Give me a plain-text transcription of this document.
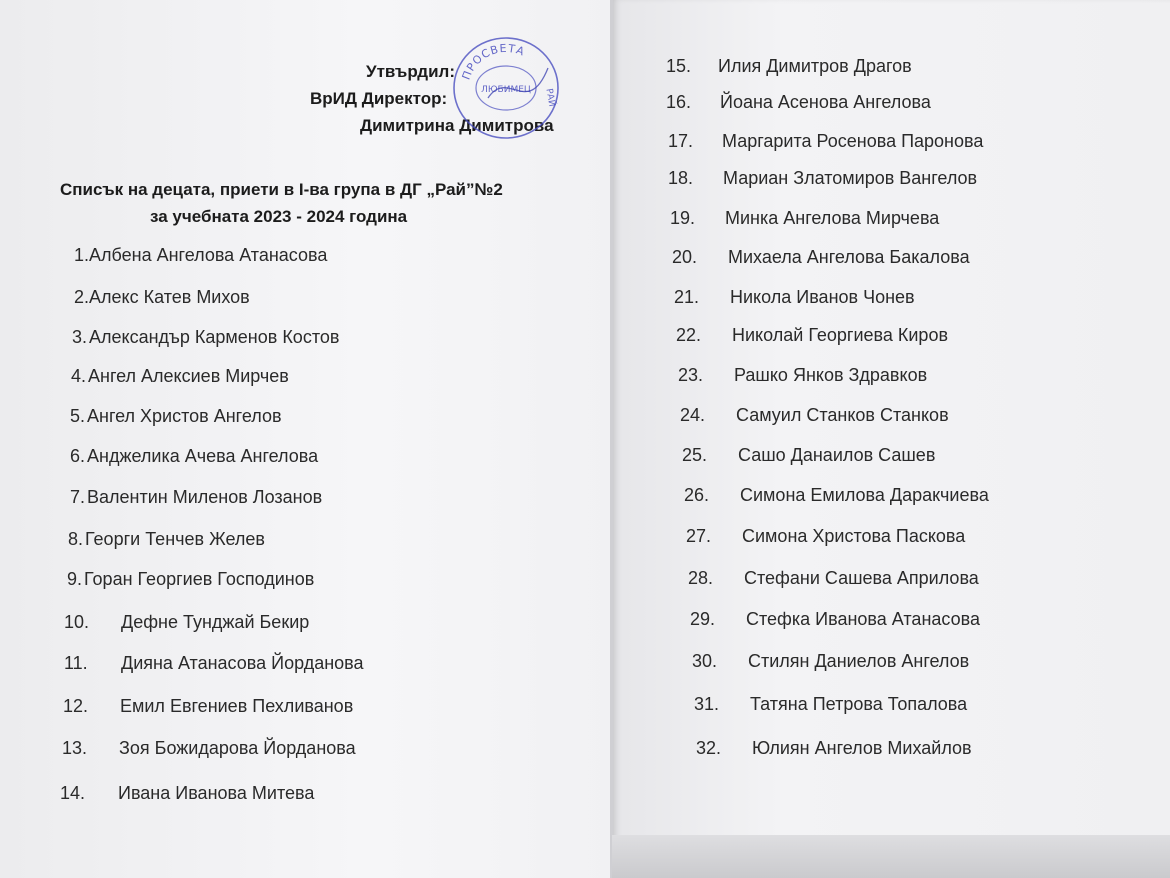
Утвърдил:
ВрИД Директор:
Димитрина Димитрова
ПРОСВЕТА
ЛЮБИМЕЦ РАЙ
Списък на децата, приети в I-ва група в ДГ „Рай”№2
за учебната 2023 - 2024 година
1.Албена Ангелова Атанасова
2.Алекс Катев Михов
3. Александър Карменов Костов
4. Ангел Алексиев Мирчев
5. Ангел Христов Ангелов
6. Анджелика Ачева Ангелова
7. Валентин Миленов Лозанов
8. Георги Тенчев Желев
9. Горан Георгиев Господинов
10. Дефне Тунджай Бекир
11. Дияна Атанасова Йорданова
12. Емил Евгениев Пехливанов
13. Зоя Божидарова Йорданова
14. Ивана Иванова Митева
15. Илия Димитров Драгов
16. Йоана Асенова Ангелова
17. Маргарита Росенова Паронова
18. Мариан Златомиров Вангелов
19. Минка Ангелова Мирчева
20. Михаела Ангелова Бакалова
21. Никола Иванов Чонев
22. Николай Георгиева Киров
23. Рашко Янков Здравков
24. Самуил Станков Станков
25. Сашо Данаилов Сашев
26. Симона Емилова Даракчиева
27. Симона Христова Паскова
28. Стефани Сашева Априлова
29. Стефка Иванова Атанасова
30. Стилян Даниелов Ангелов
31. Татяна Петрова Топалова
32. Юлиян Ангелов Михайлов
